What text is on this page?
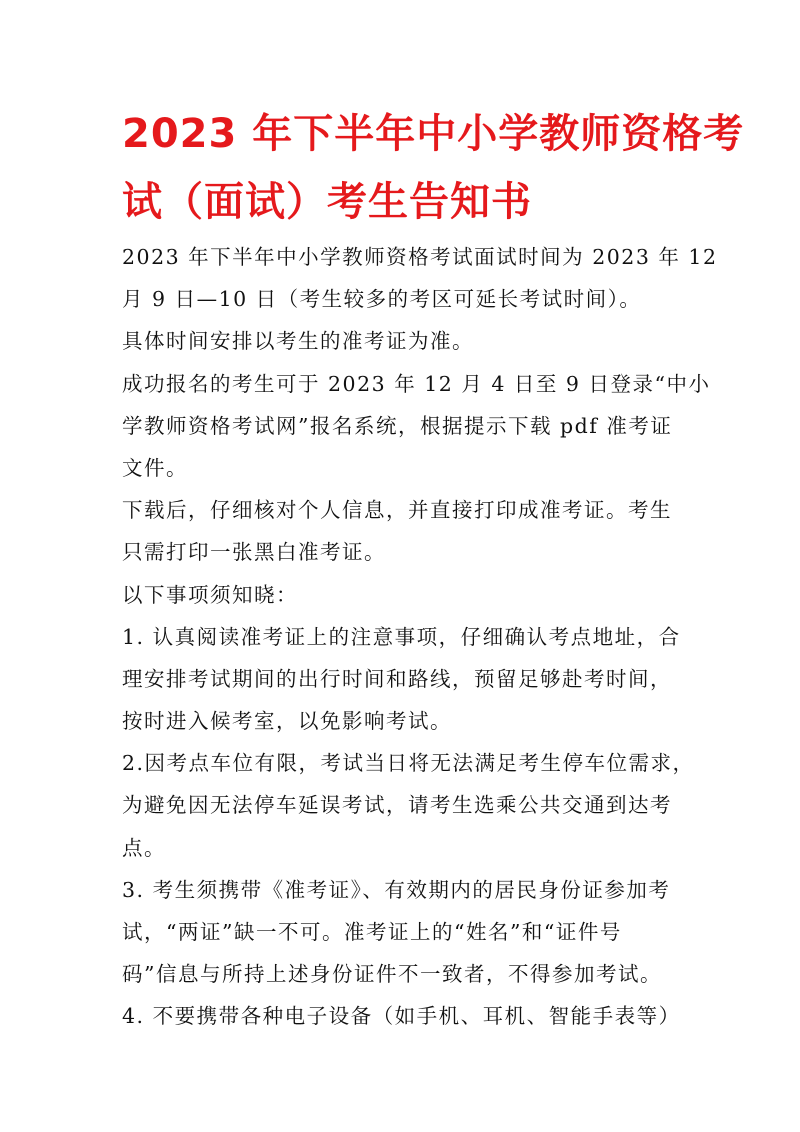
2023 年下半年中小学教师资格考
试（面试）考生告知书
2023 年下半年中小学教师资格考试面试时间为 2023 年 12
月 9 日—10 日（考生较多的考区可延长考试时间）。
具体时间安排以考生的准考证为准。
成功报名的考生可于 2023 年 12 月 4 日至 9 日登录“中小
学教师资格考试网”报名系统，根据提示下载 pdf 准考证
文件。
下载后，仔细核对个人信息，并直接打印成准考证。考生
只需打印一张黑白准考证。
以下事项须知晓：
1. 认真阅读准考证上的注意事项，仔细确认考点地址，合
理安排考试期间的出行时间和路线，预留足够赴考时间，
按时进入候考室，以免影响考试。
2.因考点车位有限，考试当日将无法满足考生停车位需求，
为避免因无法停车延误考试，请考生选乘公共交通到达考
点。
3. 考生须携带《准考证》、有效期内的居民身份证参加考
试，“两证”缺一不可。准考证上的“姓名”和“证件号
码”信息与所持上述身份证件不一致者，不得参加考试。
4. 不要携带各种电子设备（如手机、耳机、智能手表等）
